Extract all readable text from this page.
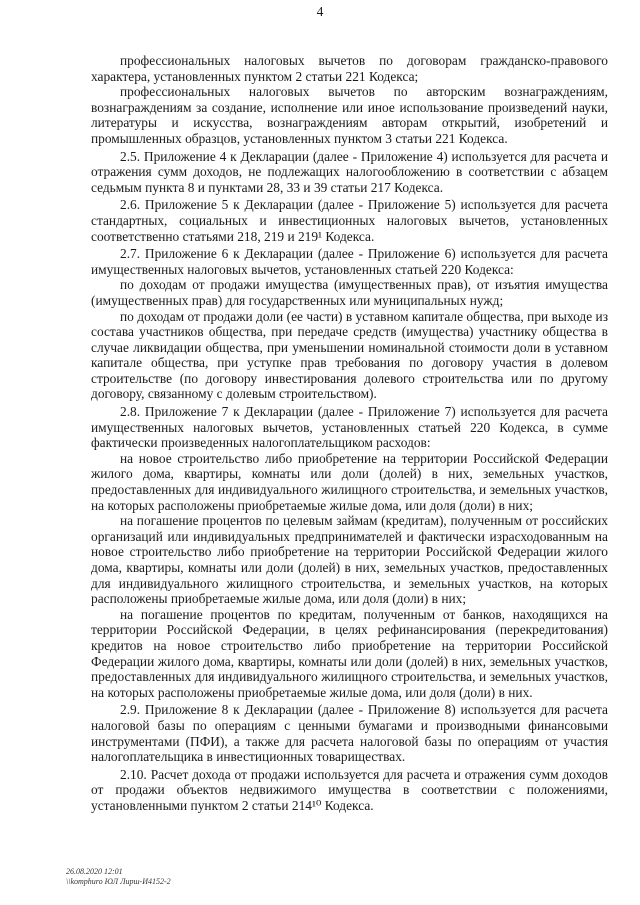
4

профессиональных налоговых вычетов по договорам гражданско-правового характера, установленных пунктом 2 статьи 221 Кодекса;

профессиональных налоговых вычетов по авторским вознаграждениям, вознаграждениям за создание, исполнение или иное использование произведений науки, литературы и искусства, вознаграждениям авторам открытий, изобретений и промышленных образцов, установленных пунктом 3 статьи 221 Кодекса.

2.5. Приложение 4 к Декларации (далее - Приложение 4) используется для расчета и отражения сумм доходов, не подлежащих налогообложению в соответствии с абзацем седьмым пункта 8 и пунктами 28, 33 и 39 статьи 217 Кодекса.

2.6. Приложение 5 к Декларации (далее - Приложение 5) используется для расчета стандартных, социальных и инвестиционных налоговых вычетов, установленных соответственно статьями 218, 219 и 219¹ Кодекса.

2.7. Приложение 6 к Декларации (далее - Приложение 6) используется для расчета имущественных налоговых вычетов, установленных статьей 220 Кодекса:

по доходам от продажи имущества (имущественных прав), от изъятия имущества (имущественных прав) для государственных или муниципальных нужд;

по доходам от продажи доли (ее части) в уставном капитале общества, при выходе из состава участников общества, при передаче средств (имущества) участнику общества в случае ликвидации общества, при уменьшении номинальной стоимости доли в уставном капитале общества, при уступке прав требования по договору участия в долевом строительстве (по договору инвестирования долевого строительства или по другому договору, связанному с долевым строительством).

2.8. Приложение 7 к Декларации (далее - Приложение 7) используется для расчета имущественных налоговых вычетов, установленных статьей 220 Кодекса, в сумме фактически произведенных налогоплательщиком расходов:

на новое строительство либо приобретение на территории Российской Федерации жилого дома, квартиры, комнаты или доли (долей) в них, земельных участков, предоставленных для индивидуального жилищного строительства, и земельных участков, на которых расположены приобретаемые жилые дома, или доля (доли) в них;

на погашение процентов по целевым займам (кредитам), полученным от российских организаций или индивидуальных предпринимателей и фактически израсходованным на новое строительство либо приобретение на территории Российской Федерации жилого дома, квартиры, комнаты или доли (долей) в них, земельных участков, предоставленных для индивидуального жилищного строительства, и земельных участков, на которых расположены приобретаемые жилые дома, или доля (доли) в них;

на погашение процентов по кредитам, полученным от банков, находящихся на территории Российской Федерации, в целях рефинансирования (перекредитования) кредитов на новое строительство либо приобретение на территории Российской Федерации жилого дома, квартиры, комнаты или доли (долей) в них, земельных участков, предоставленных для индивидуального жилищного строительства, и земельных участков, на которых расположены приобретаемые жилые дома, или доля (доли) в них.

2.9. Приложение 8 к Декларации (далее - Приложение 8) используется для расчета налоговой базы по операциям с ценными бумагами и производными финансовыми инструментами (ПФИ), а также для расчета налоговой базы по операциям от участия налогоплательщика в инвестиционных товариществах.

2.10. Расчет дохода от продажи используется для расчета и отражения сумм доходов от продажи объектов недвижимого имущества в соответствии с положениями, установленными пунктом 2 статьи 214¹⁰ Кодекса.

26.08.2020 12:01
\\komphuro ЮЛ Лирш-И4152-2
